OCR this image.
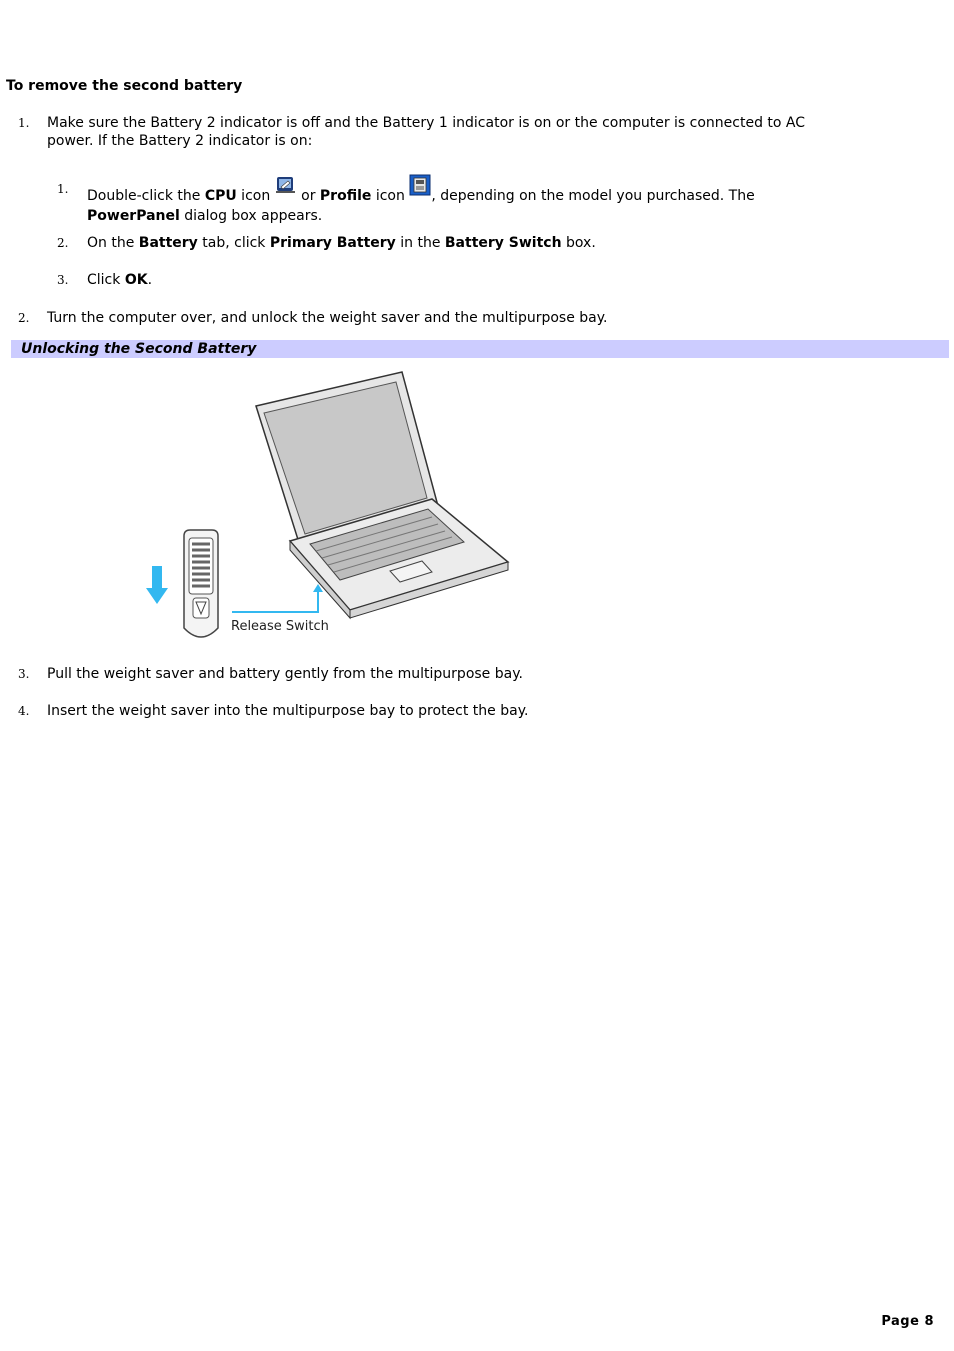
To remove the second battery
1. Make sure the Battery 2 indicator is off and the Battery 1 indicator is on or the computer is connected to AC
power. If the Battery 2 indicator is on:
1. Double-click the CPU icon  or Profile icon , depending on the model you purchased. The
PowerPanel dialog box appears.
2. On the Battery tab, click Primary Battery in the Battery Switch box.
3. Click OK.
2. Turn the computer over, and unlock the weight saver and the multipurpose bay.
Unlocking the Second Battery
Release Switch
3. Pull the weight saver and battery gently from the multipurpose bay.
4. Insert the weight saver into the multipurpose bay to protect the bay.
Page 8
